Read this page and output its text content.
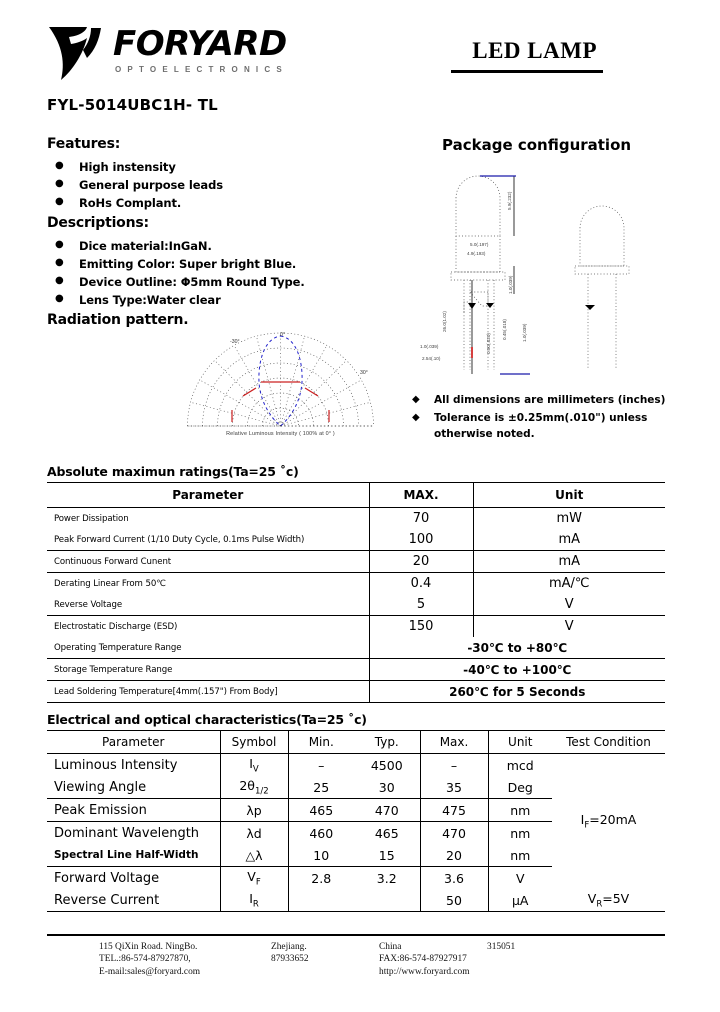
FORYARD
OPTOELECTRONICS
LED LAMP
FYL-5014UBC1H- TL
Features:
● High instensity
● General purpose leads
● RoHs Complant.
Descriptions:
● Dice material:InGaN.
● Emitting Color: Super bright Blue.
● Device Outline: Φ5mm Round Type.
● Lens Type:Water clear
Radiation pattern.
-30°
0°
30°
Relative Luminous Intensity ( 100% at 0° )
Package configuration
5.9(.232)
5.0(.197)
4.9(.193)
1.0(.039)
26.0(1.02)
1.0(.039)
2.54(.10)
0.50(.020)
0.45(.018)	1.0(.039)
◆ All dimensions are millimeters (inches)
◆ Tolerance is ±0.25mm(.010") unless otherwise noted.
Absolute maximun ratings(Ta=25 ˚c)
Parameter	MAX.	Unit
Power Dissipation	70	mW
Peak Forward Current (1/10 Duty Cycle, 0.1ms Pulse Width)	100	mA
Continuous Forward Cunent	20	mA
Derating Linear From 50℃	0.4	mA/℃
Reverse Voltage	5	V
Electrostatic Discharge (ESD)	150	V
Operating Temperature Range	-30℃ to +80℃	
Storage Temperature Range	-40℃ to +100℃	
Lead Soldering Temperature[4mm(.157") From Body]	260℃ for 5 Seconds	
Electrical and optical characteristics(Ta=25 ˚c)
Parameter	Symbol	Min.	Typ.	Max.	Unit	Test Condition
Luminous Intensity	$I_V$	–	4500	–	mcd	$I_F=20mA$
Viewing Angle	$2\theta_{1/2}$	25	30	35	Deg	
Peak Emission	λp	465	470	475	nm	
Dominant Wavelength	λd	460	465	470	nm	
Spectral Line Half-Width	△λ	10	15	20	nm	
Forward Voltage	$V_F$	2.8	3.2	3.6	V	
Reverse Current	$I_R$			50	μA	$V_R=5V$
115 QiXin Road. NingBo.	Zhejiang.	China	315051
TEL.:86-574-87927870,	87933652	FAX:86-574-87927917
E-mail:sales@foryard.com	http://www.foryard.com
